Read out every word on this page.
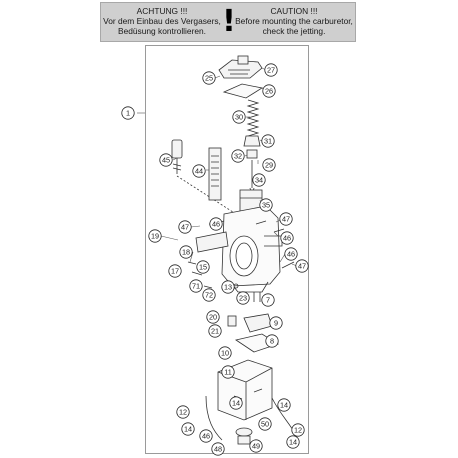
ACHTUNG !!!
Vor dem Einbau des Vergasers,
Bedüsung kontrollieren. !	CAUTION !!!
Before mounting the carburetor,
check the jetting.
1
25
27
26
30
31
32
29
34
35
45
44
47	46
47
19	46
18	46
47
15
17
71	13
72	23	7
20
9
21
8
10
11
12
14	14
50
14	12
46
14
49
48
